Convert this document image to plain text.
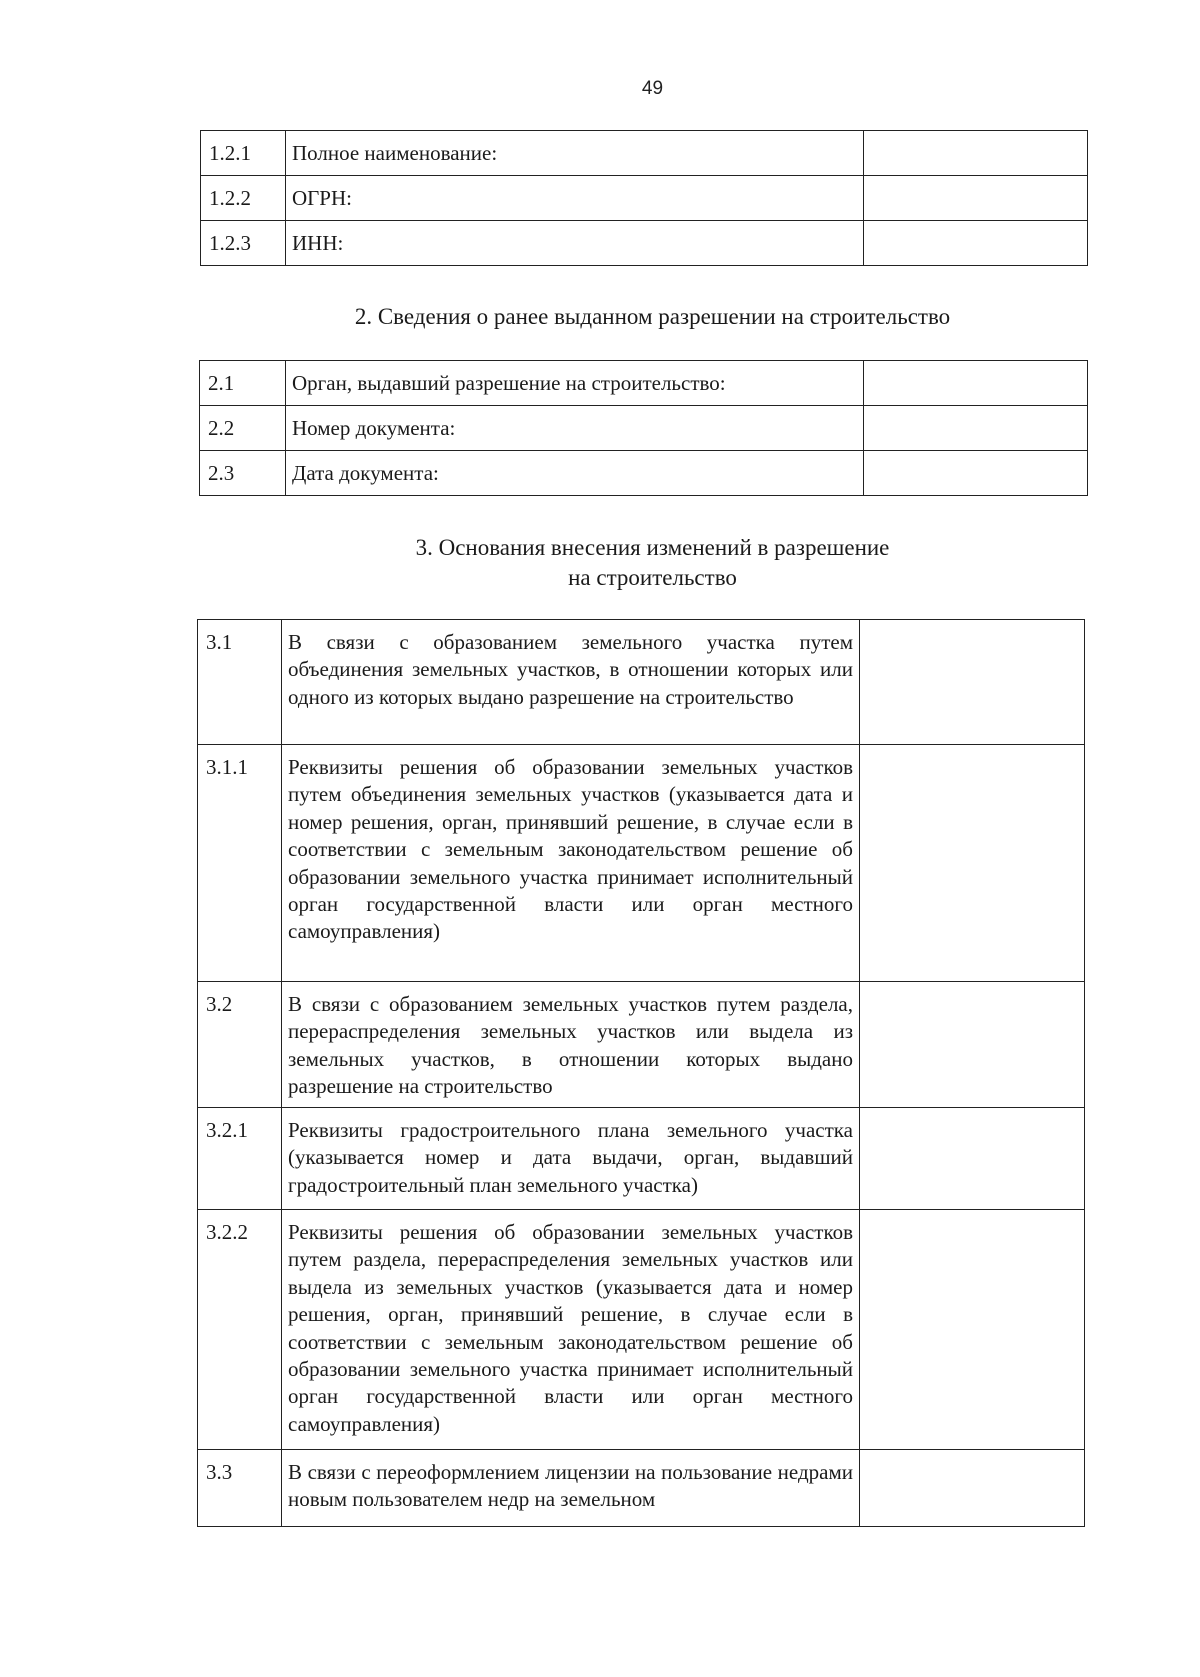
49
1.2.1	Полное наименование:	
1.2.2	ОГРН:	
1.2.3	ИНН:	
2. Сведения о ранее выданном разрешении на строительство
2.1	Орган, выдавший разрешение на строительство:	
2.2	Номер документа:	
2.3	Дата документа:	
3. Основания внесения изменений в разрешение
на строительство
3.1	В связи с образованием земельного участка путем объединения земельных участков, в отношении которых или одного из которых выдано разрешение на строительство	
3.1.1	Реквизиты решения об образовании земельных участков путем объединения земельных участков (указывается дата и номер решения, орган, принявший решение, в случае если в соответствии с земельным законодательством решение об образовании земельного участка принимает исполнительный орган государственной власти или орган местного самоуправления)	
3.2	В связи с образованием земельных участков путем раздела, перераспределения земельных участков или выдела из земельных участков, в отношении которых выдано разрешение на строительство	
3.2.1	Реквизиты градостроительного плана земельного участка (указывается номер и дата выдачи, орган, выдавший градостроительный план земельного участка)	
3.2.2	Реквизиты решения об образовании земельных участков путем раздела, перераспределения земельных участков или выдела из земельных участков (указывается дата и номер решения, орган, принявший решение, в случае если в соответствии с земельным законодательством решение об образовании земельного участка принимает исполнительный орган государственной власти или орган местного самоуправления)	
3.3	В связи с переоформлением лицензии на пользование недрами новым пользователем недр на земельном	
